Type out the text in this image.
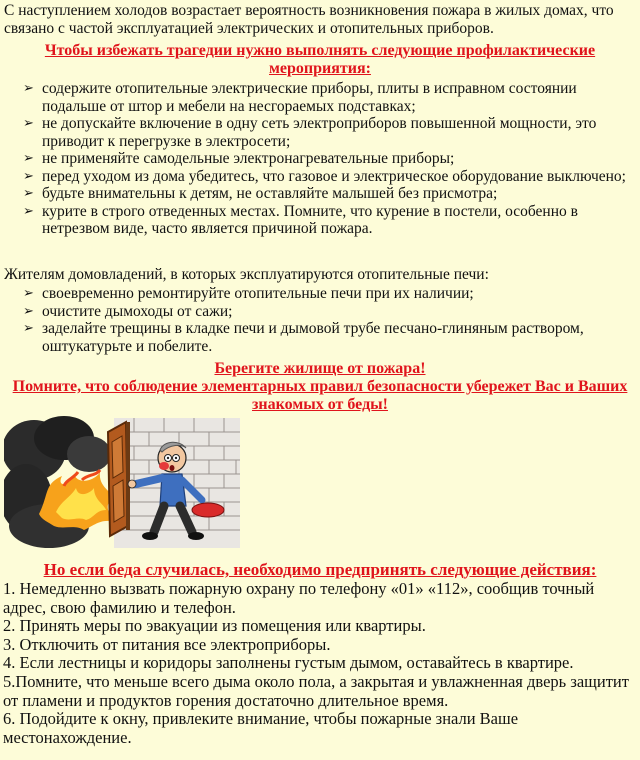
С наступлением холодов возрастает вероятность возникновения пожара в жилых домах, что связано с частой эксплуатацией электрических и отопительных приборов.
Чтобы избежать трагедии нужно выполнять следующие профилактические мероприятия:
➢ содержите отопительные электрические приборы, плиты в исправном состоянии подальше от штор и мебели на несгораемых подставках;
➢ не допускайте включение в одну сеть электроприборов повышенной мощности, это приводит к перегрузке в электросети;
➢ не применяйте самодельные электронагревательные приборы;
➢ перед уходом из дома убедитесь, что газовое и электрическое оборудование выключено;
➢ будьте внимательны к детям, не оставляйте малышей без присмотра;
➢ курите в строго отведенных местах. Помните, что курение в постели, особенно в нетрезвом виде, часто является причиной пожара.
Жителям домовладений, в которых эксплуатируются отопительные печи:
➢ своевременно ремонтируйте отопительные печи при их наличии;
➢ очистите дымоходы от сажи;
➢ заделайте трещины в кладке печи и дымовой трубе песчано-глиняным раствором, оштукатурьте и побелите.
Берегите жилище от пожара!
Помните, что соблюдение элементарных правил безопасности убережет Вас и Ваших знакомых от беды!
Но если беда случилась, необходимо предпринять следующие действия:

1. Немедленно вызвать пожарную охрану по телефону «01» «112», сообщив точный адрес, свою фамилию и телефон.

2. Принять меры по эвакуации из помещения или квартиры.

3. Отключить от питания все электроприборы.

4. Если лестницы и коридоры заполнены густым дымом, оставайтесь в квартире.

5.Помните, что меньше всего дыма около пола, а закрытая и увлажненная дверь защитит от пламени и продуктов горения достаточно длительное время.

6. Подойдите к окну, привлеките внимание, чтобы пожарные знали Ваше местонахождение.
